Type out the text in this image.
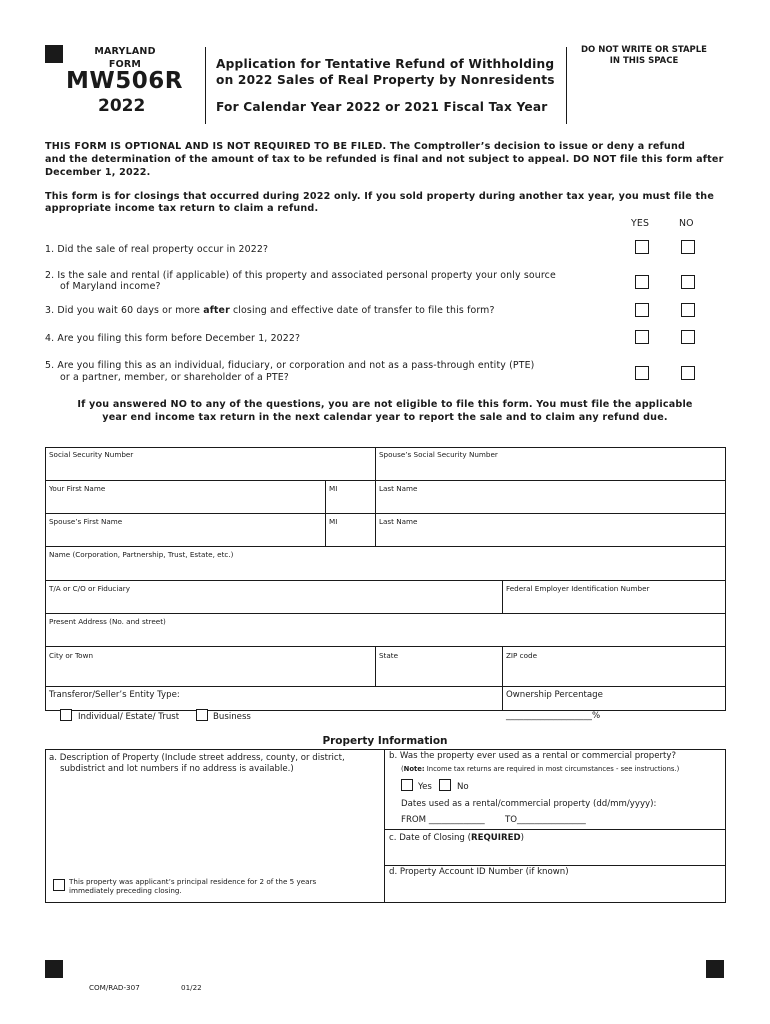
MARYLAND
FORM
MW506R
2022
Application for Tentative Refund of Withholding
on 2022 Sales of Real Property by Nonresidents
For Calendar Year 2022 or 2021 Fiscal Tax Year
DO NOT WRITE OR STAPLE
IN THIS SPACE
THIS FORM IS OPTIONAL AND IS NOT REQUIRED TO BE FILED. The Comptroller’s decision to issue or deny a refund
and the determination of the amount of tax to be refunded is final and not subject to appeal. DO NOT file this form after
December 1, 2022.
This form is for closings that occurred during 2022 only. If you sold property during another tax year, you must file the
appropriate income tax return to claim a refund.
YES	NO
1. Did the sale of real property occur in 2022?
2. Is the sale and rental (if applicable) of this property and associated personal property your only source
of Maryland income?
3. Did you wait 60 days or more after closing and effective date of transfer to file this form?
4. Are you filing this form before December 1, 2022?
5. Are you filing this as an individual, fiduciary, or corporation and not as a pass-through entity (PTE)
or a partner, member, or shareholder of a PTE?
If you answered NO to any of the questions, you are not eligible to file this form. You must file the applicable
year end income tax return in the next calendar year to report the sale and to claim any refund due.
Social Security Number	Spouse’s Social Security Number
Your First Name	MI	Last Name
Spouse’s First Name	MI	Last Name
Name (Corporation, Partnership, Trust, Estate, etc.)
T/A or C/O or Fiduciary	Federal Employer Identification Number
Present Address (No. and street)
City or Town	State	ZIP code
Transferor/Seller’s Entity Type:
Individual/ Estate/ Trust	Business
Ownership Percentage
____________________%
Property Information
a. Description of Property (Include street address, county, or district,
subdistrict and lot numbers if no address is available.)
This property was applicant’s principal residence for 2 of the 5 years
immediately preceding closing.
b. Was the property ever used as a rental or commercial property?
(Note: Income tax returns are required in most circumstances - see instructions.)
Yes	No
Dates used as a rental/commercial property (dd/mm/yyyy):
FROM _____________ TO________________
c. Date of Closing (REQUIRED)
d. Property Account ID Number (if known)
COM/RAD-307	01/22
